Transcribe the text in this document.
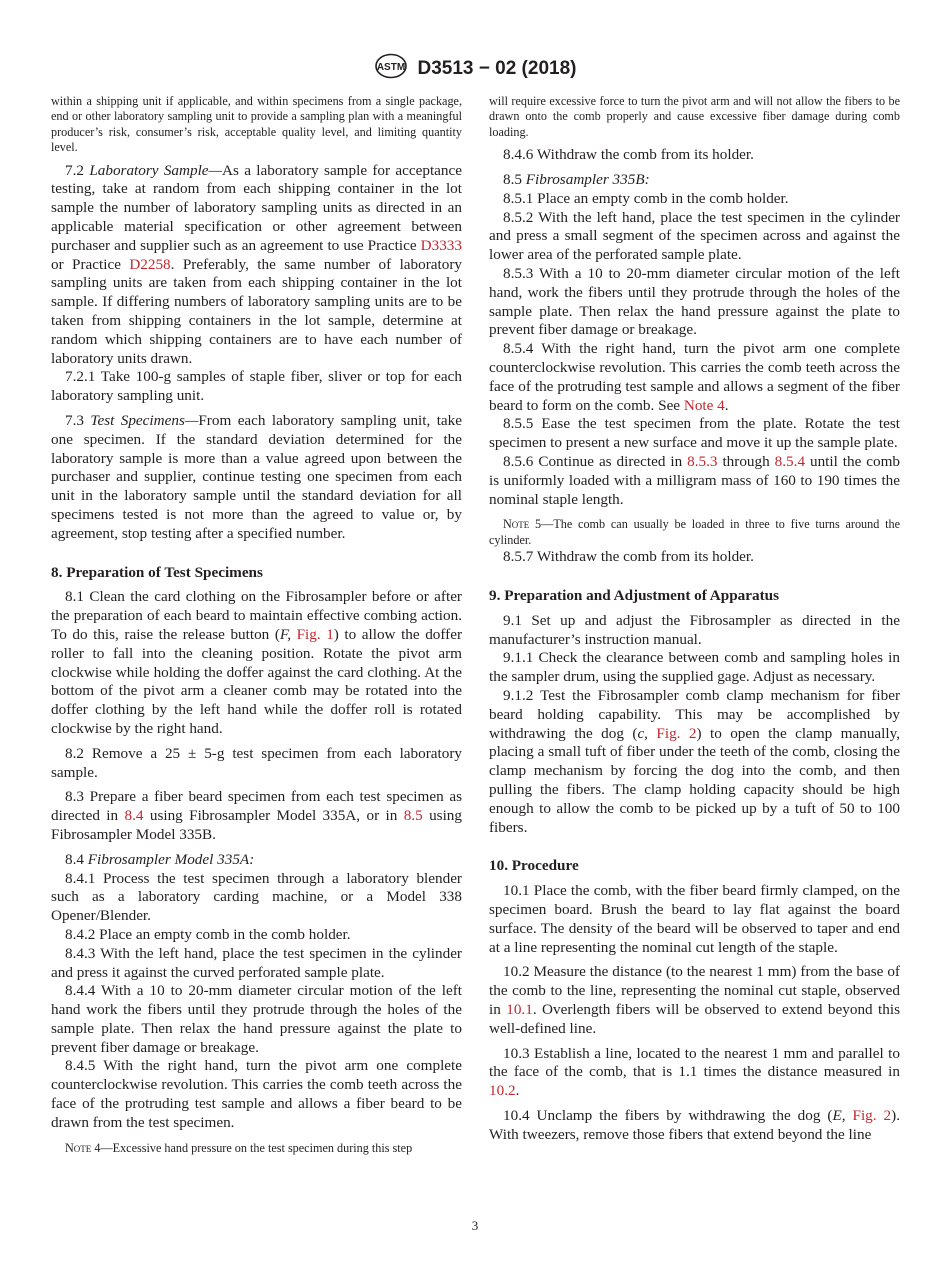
ASTM D3513 − 02 (2018)

within a shipping unit if applicable, and within specimens from a single package, end or other laboratory sampling unit to provide a sampling plan with a meaningful producer’s risk, consumer’s risk, acceptable quality level, and limiting quantity level.

7.2 Laboratory Sample—As a laboratory sample for acceptance testing, take at random from each shipping container in the lot sample the number of laboratory sampling units as directed in an applicable material specification or other agreement between purchaser and supplier such as an agreement to use Practice D3333 or Practice D2258. Preferably, the same number of laboratory sampling units are taken from each shipping container in the lot sample. If differing numbers of laboratory sampling units are to be taken from shipping containers in the lot sample, determine at random which shipping containers are to have each number of laboratory units drawn.

7.2.1 Take 100-g samples of staple fiber, sliver or top for each laboratory sampling unit.

7.3 Test Specimens—From each laboratory sampling unit, take one specimen. If the standard deviation determined for the laboratory sample is more than a value agreed upon between the purchaser and supplier, continue testing one specimen from each unit in the laboratory sample until the standard deviation for all specimens tested is not more than the agreed to value or, by agreement, stop testing after a specified number.

8. Preparation of Test Specimens

8.1 Clean the card clothing on the Fibrosampler before or after the preparation of each beard to maintain effective combing action. To do this, raise the release button (F, Fig. 1) to allow the doffer roller to fall into the cleaning position. Rotate the pivot arm clockwise while holding the doffer against the card clothing. At the bottom of the pivot arm a cleaner comb may be rotated into the doffer clothing by the left hand while the doffer roll is rotated clockwise by the right hand.

8.2 Remove a 25 ± 5-g test specimen from each laboratory sample.

8.3 Prepare a fiber beard specimen from each test specimen as directed in 8.4 using Fibrosampler Model 335A, or in 8.5 using Fibrosampler Model 335B.

8.4 Fibrosampler Model 335A:

8.4.1 Process the test specimen through a laboratory blender such as a laboratory carding machine, or a Model 338 Opener/Blender.

8.4.2 Place an empty comb in the comb holder.

8.4.3 With the left hand, place the test specimen in the cylinder and press it against the curved perforated sample plate.

8.4.4 With a 10 to 20-mm diameter circular motion of the left hand work the fibers until they protrude through the holes of the sample plate. Then relax the hand pressure against the plate to prevent fiber damage or breakage.

8.4.5 With the right hand, turn the pivot arm one complete counterclockwise revolution. This carries the comb teeth across the face of the protruding test sample and allows a fiber beard to be drawn from the test specimen.

Note 4—Excessive hand pressure on the test specimen during this step

will require excessive force to turn the pivot arm and will not allow the fibers to be drawn onto the comb properly and cause excessive fiber damage during comb loading.

8.4.6 Withdraw the comb from its holder.

8.5 Fibrosampler 335B:

8.5.1 Place an empty comb in the comb holder.

8.5.2 With the left hand, place the test specimen in the cylinder and press a small segment of the specimen across and against the lower area of the perforated sample plate.

8.5.3 With a 10 to 20-mm diameter circular motion of the left hand, work the fibers until they protrude through the holes of the sample plate. Then relax the hand pressure against the plate to prevent fiber damage or breakage.

8.5.4 With the right hand, turn the pivot arm one complete counterclockwise revolution. This carries the comb teeth across the face of the protruding test sample and allows a segment of the fiber beard to form on the comb. See Note 4.

8.5.5 Ease the test specimen from the plate. Rotate the test specimen to present a new surface and move it up the sample plate.

8.5.6 Continue as directed in 8.5.3 through 8.5.4 until the comb is uniformly loaded with a milligram mass of 160 to 190 times the nominal staple length.

Note 5—The comb can usually be loaded in three to five turns around the cylinder.

8.5.7 Withdraw the comb from its holder.

9. Preparation and Adjustment of Apparatus

9.1 Set up and adjust the Fibrosampler as directed in the manufacturer’s instruction manual.

9.1.1 Check the clearance between comb and sampling holes in the sampler drum, using the supplied gage. Adjust as necessary.

9.1.2 Test the Fibrosampler comb clamp mechanism for fiber beard holding capability. This may be accomplished by withdrawing the dog (c, Fig. 2) to open the clamp manually, placing a small tuft of fiber under the teeth of the comb, closing the clamp mechanism by forcing the dog into the comb, and then pulling the fibers. The clamp holding capacity should be high enough to allow the comb to be picked up by a tuft of 50 to 100 fibers.

10. Procedure

10.1 Place the comb, with the fiber beard firmly clamped, on the specimen board. Brush the beard to lay flat against the board surface. The density of the beard will be observed to taper and end at a line representing the nominal cut length of the staple.

10.2 Measure the distance (to the nearest 1 mm) from the base of the comb to the line, representing the nominal cut staple, observed in 10.1. Overlength fibers will be observed to extend beyond this well-defined line.

10.3 Establish a line, located to the nearest 1 mm and parallel to the face of the comb, that is 1.1 times the distance measured in 10.2.

10.4 Unclamp the fibers by withdrawing the dog (E, Fig. 2). With tweezers, remove those fibers that extend beyond the line

3
